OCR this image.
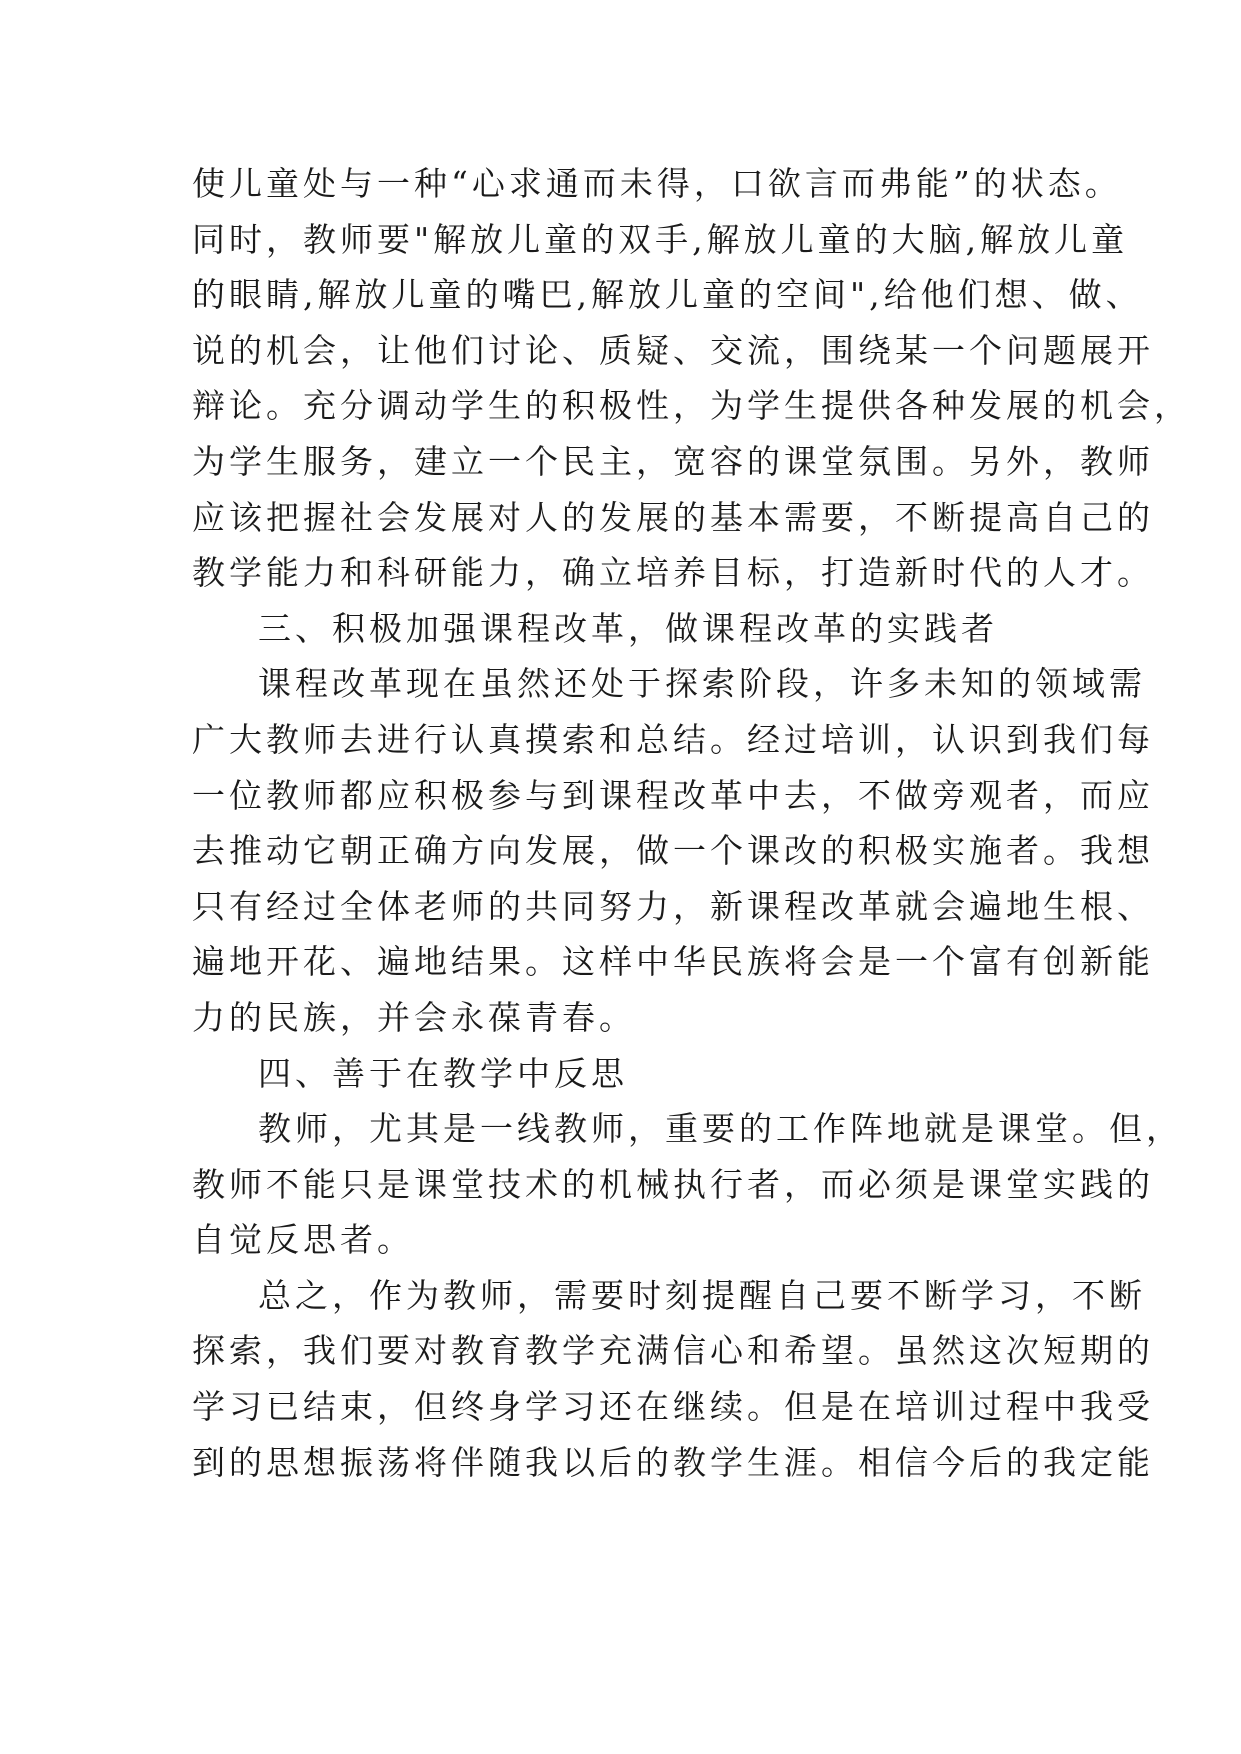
使儿童处与一种“心求通而未得，口欲言而弗能”的状态。
同时，教师要"解放儿童的双手,解放儿童的大脑,解放儿童
的眼睛,解放儿童的嘴巴,解放儿童的空间",给他们想、做、
说的机会，让他们讨论、质疑、交流，围绕某一个问题展开
辩论。充分调动学生的积极性，为学生提供各种发展的机会，
为学生服务，建立一个民主，宽容的课堂氛围。另外，教师
应该把握社会发展对人的发展的基本需要，不断提高自己的
教学能力和科研能力，确立培养目标，打造新时代的人才。
三、积极加强课程改革，做课程改革的实践者
课程改革现在虽然还处于探索阶段，许多未知的领域需
广大教师去进行认真摸索和总结。经过培训，认识到我们每
一位教师都应积极参与到课程改革中去，不做旁观者，而应
去推动它朝正确方向发展，做一个课改的积极实施者。我想
只有经过全体老师的共同努力，新课程改革就会遍地生根、
遍地开花、遍地结果。这样中华民族将会是一个富有创新能
力的民族，并会永葆青春。
四、善于在教学中反思
教师，尤其是一线教师，重要的工作阵地就是课堂。但，
教师不能只是课堂技术的机械执行者，而必须是课堂实践的
自觉反思者。
总之，作为教师，需要时刻提醒自己要不断学习，不断
探索，我们要对教育教学充满信心和希望。虽然这次短期的
学习已结束，但终身学习还在继续。但是在培训过程中我受
到的思想振荡将伴随我以后的教学生涯。相信今后的我定能
